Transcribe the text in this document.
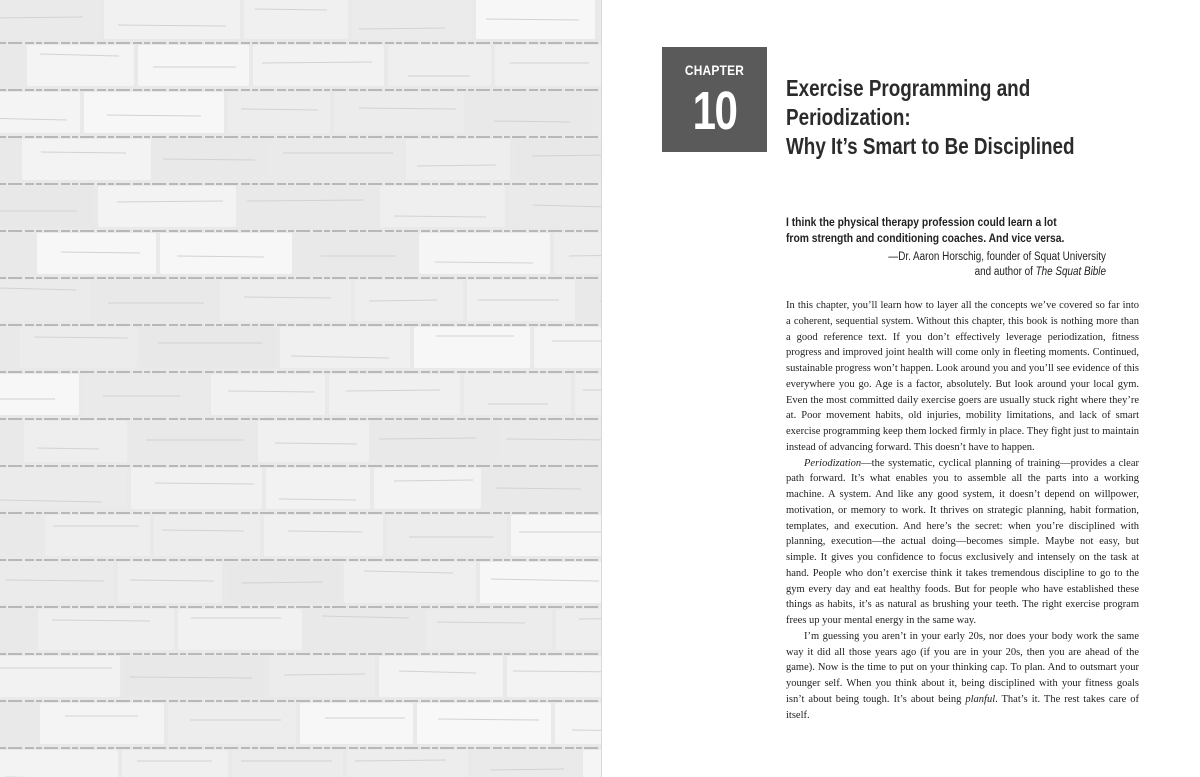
CHAPTER
10	Exercise Programming and Periodization:
Why It’s Smart to Be Disciplined

I think the physical therapy profession could learn a lot
from strength and conditioning coaches. And vice versa.

—Dr. Aaron Horschig, founder of Squat University
and author of The Squat Bible

In this chapter, you’ll learn how to layer all the concepts we’ve covered so far into a coherent, sequential system. Without this chapter, this book is nothing more than a good reference text. If you don’t effectively leverage periodization, fitness progress and improved joint health will come only in fleeting moments. Continued, sustainable progress won’t happen. Look around you and you’ll see evidence of this everywhere you go. Age is a factor, absolutely. But look around your local gym. Even the most committed daily exercise goers are usually stuck right where they’re at. Poor movement habits, old injuries, mobility limitations, and lack of smart exercise programming keep them locked firmly in place. They fight just to maintain instead of advancing forward. This doesn’t have to happen.

Periodization—the systematic, cyclical planning of training—provides a clear path forward. It’s what enables you to assemble all the parts into a working machine. A system. And like any good system, it doesn’t depend on willpower, motivation, or memory to work. It thrives on strategic planning, habit formation, templates, and execution. And here’s the secret: when you’re disciplined with planning, execution—the actual doing—becomes simple. Maybe not easy, but simple. It gives you confidence to focus exclusively and intensely on the task at hand. People who don’t exercise think it takes tremendous discipline to go to the gym every day and eat healthy foods. But for people who have established these things as habits, it’s as natural as brushing your teeth. The right exercise program frees up your mental energy in the same way.

I’m guessing you aren’t in your early 20s, nor does your body work the same way it did all those years ago (if you are in your 20s, then you are ahead of the game). Now is the time to put on your thinking cap. To plan. And to outsmart your younger self. When you think about it, being disciplined with your fitness goals isn’t about being tough. It’s about being planful. That’s it. The rest takes care of itself.
